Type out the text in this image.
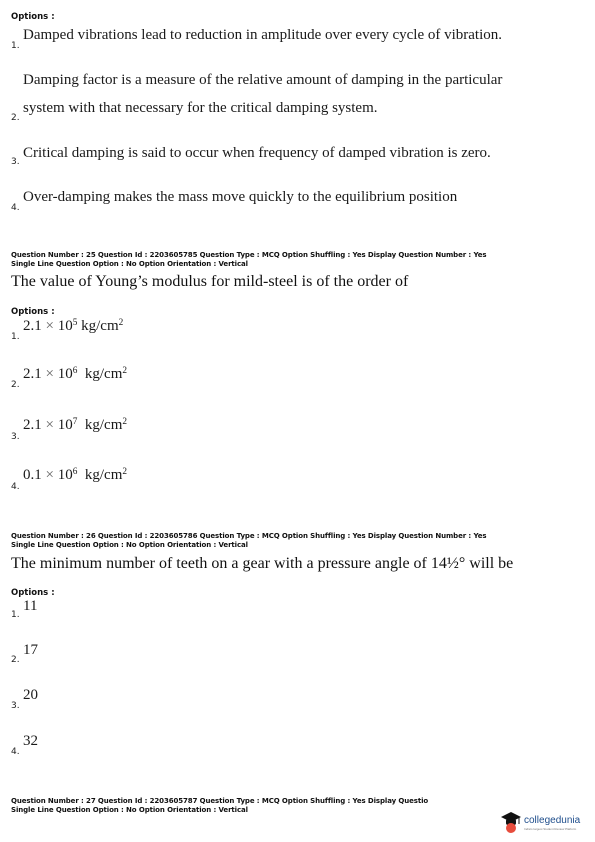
Options :
1.
Damped vibrations lead to reduction in amplitude over every cycle of vibration.
Damping factor is a measure of the relative amount of damping in the particular
2.
system with that necessary for the critical damping system.
3.
Critical damping is said to occur when frequency of damped vibration is zero.
4.
Over-damping makes the mass move quickly to the equilibrium position
Question Number : 25 Question Id : 2203605785 Question Type : MCQ Option Shuffling : Yes Display Question Number : Yes
Single Line Question Option : No Option Orientation : Vertical
The value of Young’s modulus for mild-steel is of the order of
Options :
1.
$2.1 \times 10^5$ $kg/cm^2$
2.
$2.1 \times 10^6$ $kg/cm^2$
3.
$2.1 \times 10^7$ $kg/cm^2$
4.
$0.1 \times 10^6$ $kg/cm^2$
Question Number : 26 Question Id : 2203605786 Question Type : MCQ Option Shuffling : Yes Display Question Number : Yes
Single Line Question Option : No Option Orientation : Vertical
The minimum number of teeth on a gear with a pressure angle of 14½° will be
Options :
1.
11
2.
17
3.
20
4.
32
Question Number : 27 Question Id : 2203605787 Question Type : MCQ Option Shuffling : Yes Display Questio
Single Line Question Option : No Option Orientation : Vertical
collegedunia
India's largest Student Review Platform
